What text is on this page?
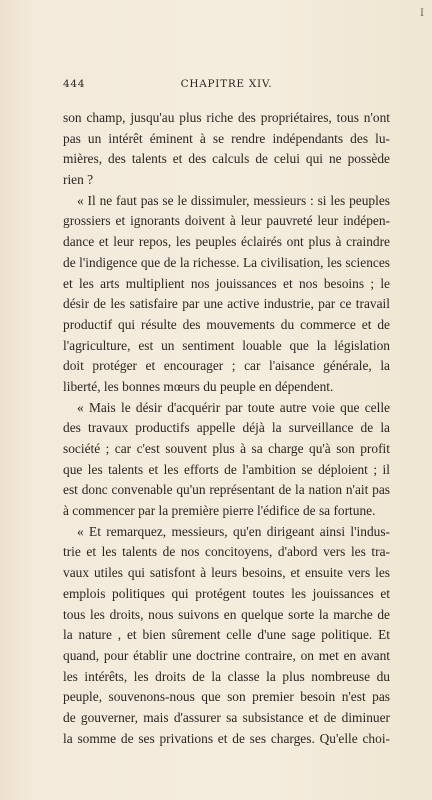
I
444	CHAPITRE XIV.
son champ, jusqu'au plus riche des propriétaires, tous n'ont
pas un intérêt éminent à se rendre indépendants des lu-
mières, des talents et des calculs de celui qui ne possède
rien ?
« Il ne faut pas se le dissimuler, messieurs : si les peuples
grossiers et ignorants doivent à leur pauvreté leur indépen-
dance et leur repos, les peuples éclairés ont plus à craindre
de l'indigence que de la richesse. La civilisation, les sciences
et les arts multiplient nos jouissances et nos besoins ; le
désir de les satisfaire par une active industrie, par ce travail
productif qui résulte des mouvements du commerce et de
l'agriculture, est un sentiment louable que la législation
doit protéger et encourager ; car l'aisance générale, la
liberté, les bonnes mœurs du peuple en dépendent.
« Mais le désir d'acquérir par toute autre voie que celle
des travaux productifs appelle déjà la surveillance de la
société ; car c'est souvent plus à sa charge qu'à son profit
que les talents et les efforts de l'ambition se déploient ; il
est donc convenable qu'un représentant de la nation n'ait pas
à commencer par la première pierre l'édifice de sa fortune.
« Et remarquez, messieurs, qu'en dirigeant ainsi l'indus-
trie et les talents de nos concitoyens, d'abord vers les tra-
vaux utiles qui satisfont à leurs besoins, et ensuite vers les
emplois politiques qui protégent toutes les jouissances et
tous les droits, nous suivons en quelque sorte la marche de
la nature , et bien sûrement celle d'une sage politique. Et
quand, pour établir une doctrine contraire, on met en avant
les intérêts, les droits de la classe la plus nombreuse du
peuple, souvenons-nous que son premier besoin n'est pas
de gouverner, mais d'assurer sa subsistance et de diminuer
la somme de ses privations et de ses charges. Qu'elle choi-
